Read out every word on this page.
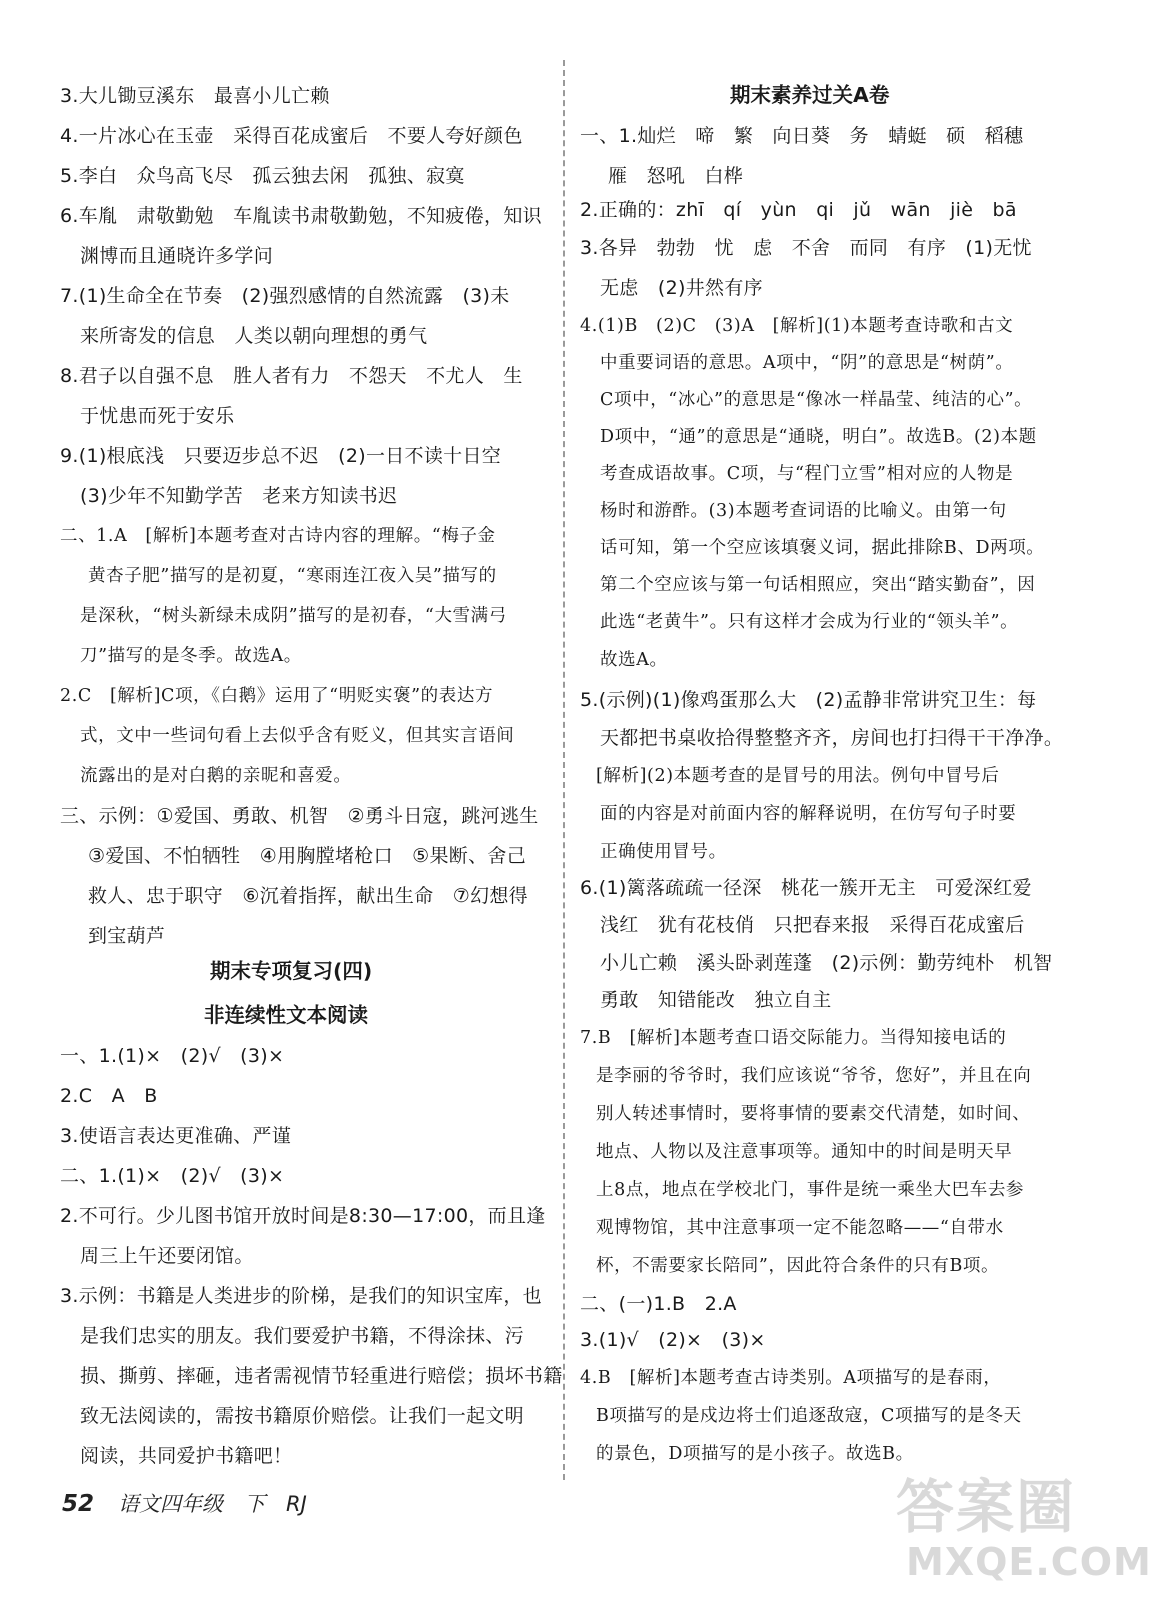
3.大儿锄豆溪东　最喜小儿亡赖
4.一片冰心在玉壶　采得百花成蜜后　不要人夸好颜色
5.李白　众鸟高飞尽　孤云独去闲　孤独、寂寞
6.车胤　肃敬勤勉　车胤读书肃敬勤勉，不知疲倦，知识
渊博而且通晓许多学问
7.(1)生命全在节奏　(2)强烈感情的自然流露　(3)未
来所寄发的信息　人类以朝向理想的勇气
8.君子以自强不息　胜人者有力　不怨天　不尤人　生
于忧患而死于安乐
9.(1)根底浅　只要迈步总不迟　(2)一日不读十日空
(3)少年不知勤学苦　老来方知读书迟
二、1.A　[解析]本题考查对古诗内容的理解。“梅子金
黄杏子肥”描写的是初夏，“寒雨连江夜入吴”描写的
是深秋，“树头新绿未成阴”描写的是初春，“大雪满弓
刀”描写的是冬季。故选A。
2.C　[解析]C项，《白鹅》运用了“明贬实褒”的表达方
式，文中一些词句看上去似乎含有贬义，但其实言语间
流露出的是对白鹅的亲昵和喜爱。
三、示例：①爱国、勇敢、机智　②勇斗日寇，跳河逃生
③爱国、不怕牺牲　④用胸膛堵枪口　⑤果断、舍己
救人、忠于职守　⑥沉着指挥，献出生命　⑦幻想得
到宝葫芦
期末专项复习(四)
非连续性文本阅读
一、1.(1)×　(2)√　(3)×
2.C　A　B
3.使语言表达更准确、严谨
二、1.(1)×　(2)√　(3)×
2.不可行。少儿图书馆开放时间是8:30—17:00，而且逢
周三上午还要闭馆。
3.示例：书籍是人类进步的阶梯，是我们的知识宝库，也
是我们忠实的朋友。我们要爱护书籍，不得涂抹、污
损、撕剪、摔砸，违者需视情节轻重进行赔偿；损坏书籍
致无法阅读的，需按书籍原价赔偿。让我们一起文明
阅读，共同爱护书籍吧！
期末素养过关A卷
一、1.灿烂　啼　繁　向日葵　务　蜻蜓　硕　稻穗
雁　怒吼　白桦
2.正确的：zhī　qí　yùn　qi　jǔ　wān　jiè　bā
3.各异　勃勃　忧　虑　不舍　而同　有序　(1)无忧
无虑　(2)井然有序
4.(1)B　(2)C　(3)A　[解析](1)本题考查诗歌和古文
中重要词语的意思。A项中，“阴”的意思是“树荫”。
C项中，“冰心”的意思是“像冰一样晶莹、纯洁的心”。
D项中，“通”的意思是“通晓，明白”。故选B。(2)本题
考查成语故事。C项，与“程门立雪”相对应的人物是
杨时和游酢。(3)本题考查词语的比喻义。由第一句
话可知，第一个空应该填褒义词，据此排除B、D两项。
第二个空应该与第一句话相照应，突出“踏实勤奋”，因
此选“老黄牛”。只有这样才会成为行业的“领头羊”。
故选A。
5.(示例)(1)像鸡蛋那么大　(2)孟静非常讲究卫生：每
天都把书桌收拾得整整齐齐，房间也打扫得干干净净。
[解析](2)本题考查的是冒号的用法。例句中冒号后
面的内容是对前面内容的解释说明，在仿写句子时要
正确使用冒号。
6.(1)篱落疏疏一径深　桃花一簇开无主　可爱深红爱
浅红　犹有花枝俏　只把春来报　采得百花成蜜后
小儿亡赖　溪头卧剥莲蓬　(2)示例：勤劳纯朴　机智
勇敢　知错能改　独立自主
7.B　[解析]本题考查口语交际能力。当得知接电话的
是李丽的爷爷时，我们应该说“爷爷，您好”，并且在向
别人转述事情时，要将事情的要素交代清楚，如时间、
地点、人物以及注意事项等。通知中的时间是明天早
上8点，地点在学校北门，事件是统一乘坐大巴车去参
观博物馆，其中注意事项一定不能忽略——“自带水
杯，不需要家长陪同”，因此符合条件的只有B项。
二、(一)1.B　2.A
3.(1)√　(2)×　(3)×
4.B　[解析]本题考查古诗类别。A项描写的是春雨，
B项描写的是戍边将士们追逐敌寇，C项描写的是冬天
的景色，D项描写的是小孩子。故选B。
52 语文四年级　下　RJ	答案圈
MXQE.COM
